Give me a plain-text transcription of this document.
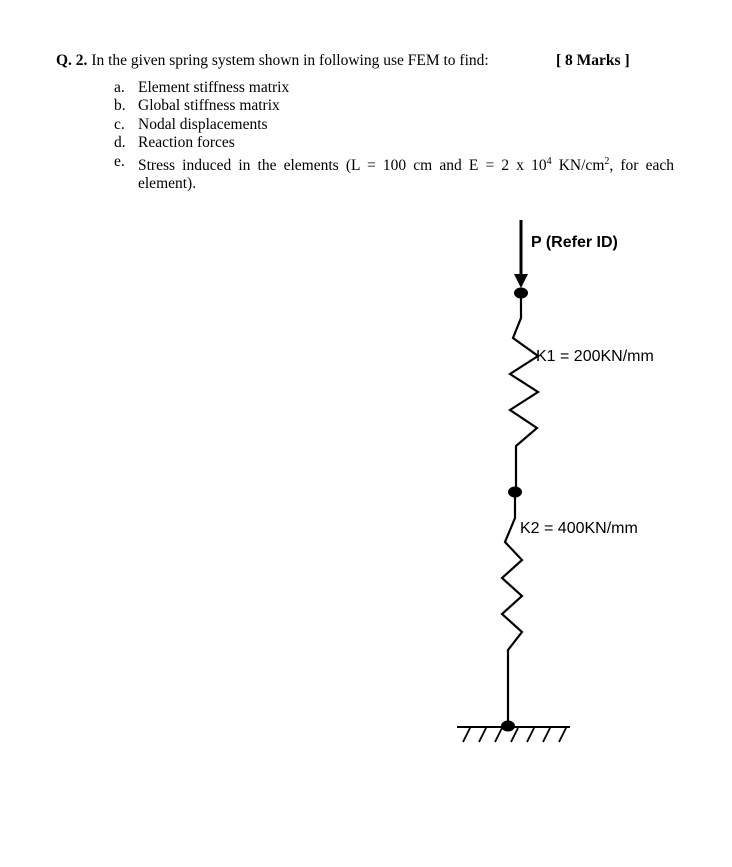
Q. 2. In the given spring system shown in following use FEM to find:	[ 8 Marks ]
a. Element stiffness matrix
b. Global stiffness matrix
c. Nodal displacements
d. Reaction forces
e. Stress induced in the elements (L = 100 cm and E = 2 x $10^4$ $KN/cm^2$, for each element).
P (Refer ID)
K1 = 200KN/mm
K2 = 400KN/mm
